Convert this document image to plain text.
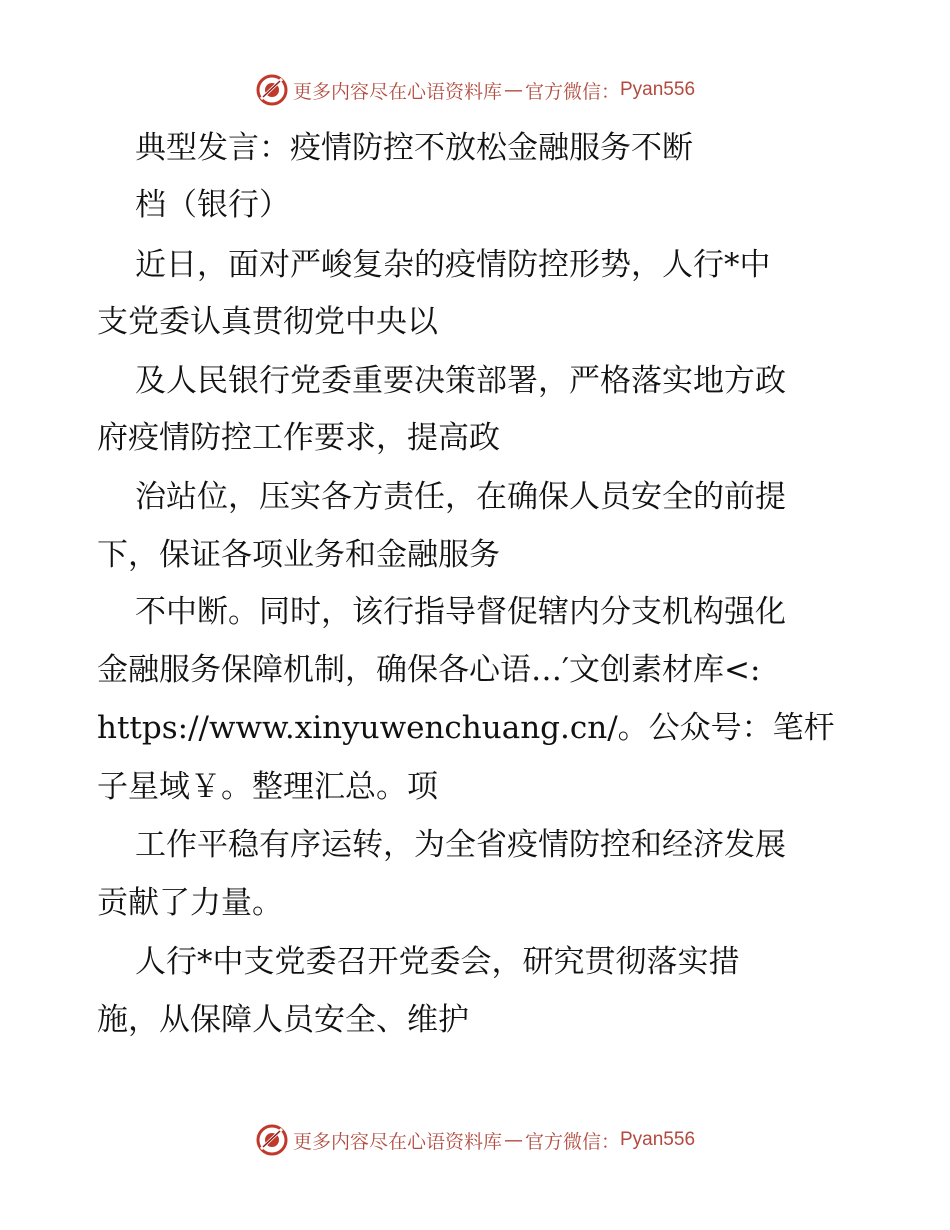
更多内容尽在心语资料库 — 官方微信： Pyan556
典型发言：疫情防控不放松金融服务不断
档（银行）
近日，面对严峻复杂的疫情防控形势，人行*中
支党委认真贯彻党中央以
及人民银行党委重要决策部署，严格落实地方政
府疫情防控工作要求，提高政
治站位，压实各方责任，在确保人员安全的前提
下，保证各项业务和金融服务
不中断。同时，该行指导督促辖内分支机构强化
金融服务保障机制，确保各心语…′文创素材库<:
https://www.xinyuwenchuang.cn/。公众号：笔杆
子星域￥。整理汇总。项
工作平稳有序运转，为全省疫情防控和经济发展
贡献了力量。
人行*中支党委召开党委会，研究贯彻落实措
施，从保障人员安全、维护
更多内容尽在心语资料库 — 官方微信： Pyan556
